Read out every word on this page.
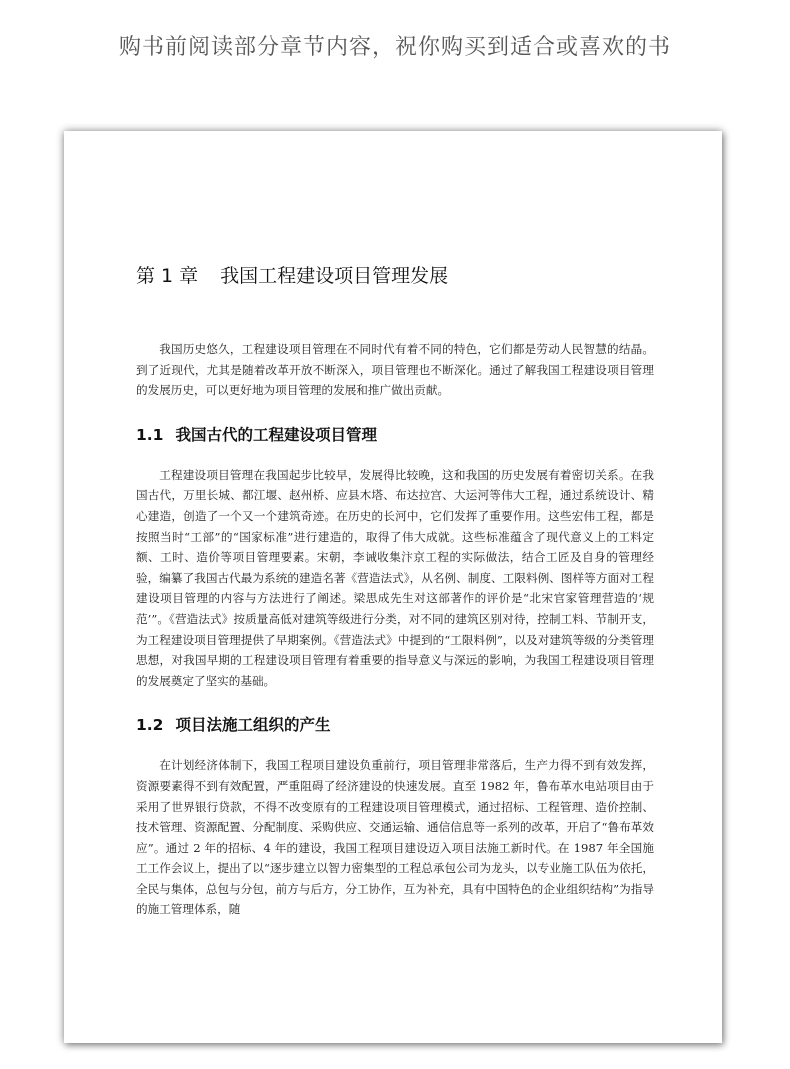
购书前阅读部分章节内容，祝你购买到适合或喜欢的书
第 1 章 我国工程建设项目管理发展

我国历史悠久，工程建设项目管理在不同时代有着不同的特色，它们都是劳动人民智慧的结晶。到了近现代，尤其是随着改革开放不断深入，项目管理也不断深化。通过了解我国工程建设项目管理的发展历史，可以更好地为项目管理的发展和推广做出贡献。

1.1 我国古代的工程建设项目管理

工程建设项目管理在我国起步比较早，发展得比较晚，这和我国的历史发展有着密切关系。在我国古代，万里长城、都江堰、赵州桥、应县木塔、布达拉宫、大运河等伟大工程，通过系统设计、精心建造，创造了一个又一个建筑奇迹。在历史的长河中，它们发挥了重要作用。这些宏伟工程，都是按照当时“工部”的“国家标准”进行建造的，取得了伟大成就。这些标准蕴含了现代意义上的工料定额、工时、造价等项目管理要素。宋朝，李诫收集汴京工程的实际做法，结合工匠及自身的管理经验，编纂了我国古代最为系统的建造名著《营造法式》，从名例、制度、工限料例、图样等方面对工程建设项目管理的内容与方法进行了阐述。梁思成先生对这部著作的评价是“北宋官家管理营造的‘规范’”。《营造法式》按质量高低对建筑等级进行分类，对不同的建筑区别对待，控制工料、节制开支，为工程建设项目管理提供了早期案例。《营造法式》中提到的“工限料例”，以及对建筑等级的分类管理思想，对我国早期的工程建设项目管理有着重要的指导意义与深远的影响，为我国工程建设项目管理的发展奠定了坚实的基础。

1.2 项目法施工组织的产生

在计划经济体制下，我国工程项目建设负重前行，项目管理非常落后，生产力得不到有效发挥，资源要素得不到有效配置，严重阻碍了经济建设的快速发展。直至 1982 年，鲁布革水电站项目由于采用了世界银行贷款，不得不改变原有的工程建设项目管理模式，通过招标、工程管理、造价控制、技术管理、资源配置、分配制度、采购供应、交通运输、通信信息等一系列的改革，开启了“鲁布革效应”。通过 2 年的招标、4 年的建设，我国工程项目建设迈入项目法施工新时代。在 1987 年全国施工工作会议上，提出了以“逐步建立以智力密集型的工程总承包公司为龙头，以专业施工队伍为依托，全民与集体，总包与分包，前方与后方，分工协作，互为补充，具有中国特色的企业组织结构”为指导的施工管理体系，随
